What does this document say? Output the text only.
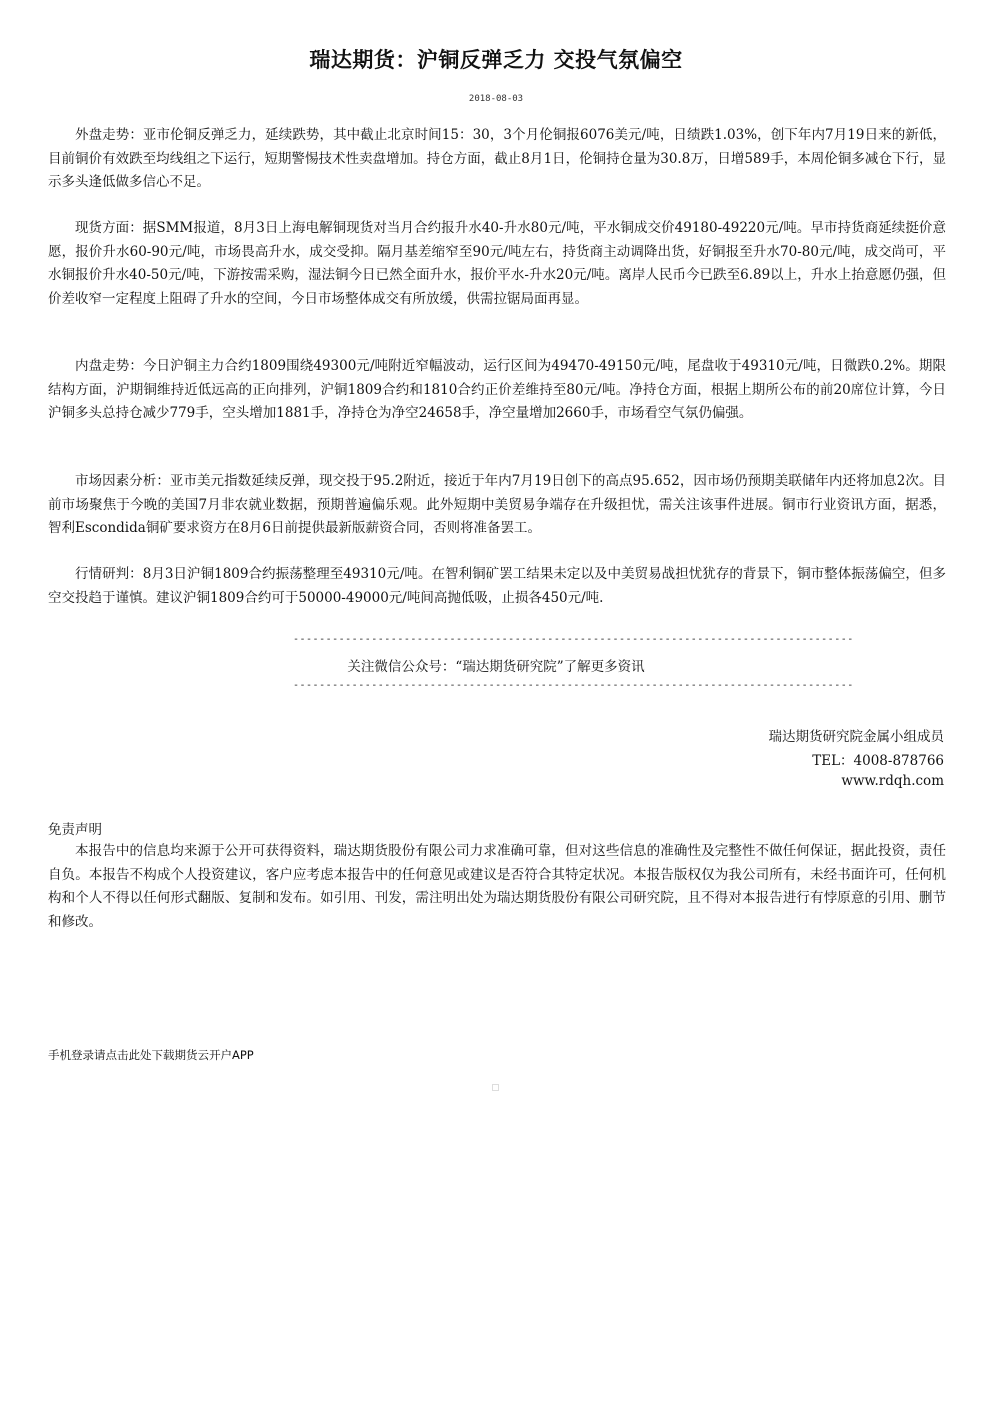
瑞达期货：沪铜反弹乏力 交投气氛偏空
2018-08-03

外盘走势：亚市伦铜反弹乏力，延续跌势，其中截止北京时间15：30，3个月伦铜报6076美元/吨，日绩跌1.03%，创下年内7月19日来的新低，目前铜价有效跌至均线组之下运行，短期警惕技术性卖盘增加。持仓方面，截止8月1日，伦铜持仓量为30.8万，日增589手，本周伦铜多减仓下行，显示多头逢低做多信心不足。

现货方面：据SMM报道，8月3日上海电解铜现货对当月合约报升水40-升水80元/吨，平水铜成交价49180-49220元/吨。早市持货商延续挺价意愿，报价升水60-90元/吨，市场畏高升水，成交受抑。隔月基差缩窄至90元/吨左右，持货商主动调降出货，好铜报至升水70-80元/吨，成交尚可，平水铜报价升水40-50元/吨，下游按需采购，湿法铜今日已然全面升水，报价平水-升水20元/吨。离岸人民币今已跌至6.89以上，升水上抬意愿仍强，但价差收窄一定程度上阻碍了升水的空间，今日市场整体成交有所放缓，供需拉锯局面再显。

内盘走势：今日沪铜主力合约1809围绕49300元/吨附近窄幅波动，运行区间为49470-49150元/吨，尾盘收于49310元/吨，日微跌0.2%。期限结构方面，沪期铜维持近低远高的正向排列，沪铜1809合约和1810合约正价差维持至80元/吨。净持仓方面，根据上期所公布的前20席位计算，今日沪铜多头总持仓减少779手，空头增加1881手，净持仓为净空24658手，净空量增加2660手，市场看空气氛仍偏强。

市场因素分析：亚市美元指数延续反弹，现交投于95.2附近，接近于年内7月19日创下的高点95.652，因市场仍预期美联储年内还将加息2次。目前市场聚焦于今晚的美国7月非农就业数据，预期普遍偏乐观。此外短期中美贸易争端存在升级担忧，需关注该事件进展。铜市行业资讯方面，据悉，智利Escondida铜矿要求资方在8月6日前提供最新版薪资合同，否则将准备罢工。

行情研判：8月3日沪铜1809合约振荡整理至49310元/吨。在智利铜矿罢工结果未定以及中美贸易战担忧犹存的背景下，铜市整体振荡偏空，但多空交投趋于谨慎。建议沪铜1809合约可于50000-49000元/吨间高抛低吸，止损各450元/吨.

--------------------------------------------------------------------------------------
关注微信公众号：“瑞达期货研究院”了解更多资讯
--------------------------------------------------------------------------------------
瑞达期货研究院金属小组成员
TEL：4008-878766
www.rdqh.com
免责声明

本报告中的信息均来源于公开可获得资料，瑞达期货股份有限公司力求准确可靠，但对这些信息的准确性及完整性不做任何保证，据此投资，责任自负。本报告不构成个人投资建议，客户应考虑本报告中的任何意见或建议是否符合其特定状况。本报告版权仅为我公司所有，未经书面许可，任何机构和个人不得以任何形式翻版、复制和发布。如引用、刊发，需注明出处为瑞达期货股份有限公司研究院，且不得对本报告进行有悖原意的引用、删节和修改。

手机登录请点击此处下载期货云开户APP
